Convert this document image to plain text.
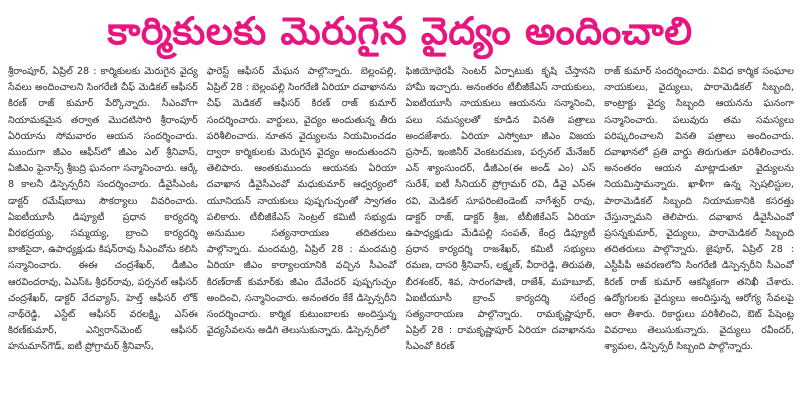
కార్మికులకు మెరుగైన వైద్యం అందించాలి

శ్రీరాంపూర్, ఏప్రిల్ 28 : కార్మికులకు మెరుగైన వైద్య సేవలు అందించాలని సింగరేణి చీఫ్ మెడికల్ ఆఫీసర్ కిరణ్ రాజ్ కుమార్ పేర్కొన్నారు. సీఎంవోగా నియామకమైన తర్వాత మొదటిసారి శ్రీరాంపూర్ ఏరియాను సోమవారం ఆయన సందర్శించారు. ముందుగా జీఎం ఆఫీస్‌లో జీఎం ఎల్ శ్రీనివాస్, ఏజీఎం ఫైనాన్స్ శ్రీబద్రి ఘనంగా సన్మానించారు. ఆర్కే 8 కాలనీ డిస్పెన్సరీని సందర్శించారు. డీవైసీఎంఓ డాక్టర్ రమేష్‌బాబు సౌకర్యాలు వివరించారు. ఏఐటీయూసీ డిప్యూటీ ప్రధాన కార్యదర్శి వీరభద్రయ్య, సమ్మయ్య, బ్రాంచి కార్యదర్శి బాజీసైదా, ఉపాధ్యక్షుడు కిషన్‌రావు సీఎంవోను కలిసి సన్మానించారు. ఈఈ చంద్రశేఖర్, డీజీఎం ఆరవిందరావు, ఏఎస్ఓ శ్రీధర్‌రావు, పర్సనల్ ఆఫీసర్ చంద్రశేఖర్, డాక్టర్ వేదవ్యాస్, హెల్త్ ఆఫీసర్ లోక్ నాథ్‌రెడ్డి, ఎస్టేట్ ఆఫీసర్ వరలక్ష్మి, ఎస్ఈ కిరణ్‌కుమార్, ఎన్విరాన్‌మెంట్ ఆఫీసర్ హనుమాన్‌గౌడ్, ఐటీ ప్రోగ్రామర్ శ్రీనివాస్,

ఫారెస్ట్ ఆఫీసర్ మేఘన పాల్గొన్నారు. బెల్లంపల్లి, ఏప్రిల్ 28 : బెల్లంపల్లి సింగరేణి ఏరియా దవాఖానను చీఫ్ మెడికల్ ఆఫీసర్ కిరణ్ రాజ్ కుమార్ సందర్శించారు. వార్డులు, వైద్యం అందుతున్న తీరు పరిశీలించారు. నూతన వైద్యులను నియమించడం ద్వారా కార్మికులకు మెరుగైన వైద్యం అందుతుందని తెలిపారు. ఆంతకుముందు ఆయనకు ఏరియా దవాఖాన డీవైసీఎంవో మధుకుమార్ ఆధ్వర్యంలో యూనియన్ నాయకులు పుష్పగుచ్ఛంతో స్వాగతం పలికారు. టీబీజీకేఎస్ సెంట్రల్ కమిటీ సభ్యుడు అనుముల సత్యనారాయణ తదితరులు పాల్గొన్నారు. మందమర్రి, ఏప్రిల్ 28 : మందమర్రి ఏరియా జీఎం కార్యాలయానికి వచ్చిన సీఎంవో కిరణ్‌రాజ్ కుమార్‌కు జీఎం దేవేందర్ పుష్పగుచ్ఛం అందించి, సన్మానించారు. అనంతరం కేకే డిస్పెన్సరీని సందర్శించారు. కార్మిక కుటుంబాలకు అందిస్తున్న వైద్యసేవలను అడిగి తెలుసుకున్నారు. డిస్పెన్సరీలో

ఫిజియోథెరపీ సెంటర్ ఏర్పాటుకు కృషి చేస్తానని హామీ ఇచ్చారు. అనంతరం టీబీజీకేఎస్ నాయకులు, ఏఐటీయూసీ నాయకులు ఆయనను సన్మానించి, పలు సమస్యలతో కూడిన వినతి పత్రాలు అందజేశారు. ఏరియా ఎస్వోటూ జీఎం విజయ ప్రసాద్, ఇంజినీర్ వెంకటరమణ, పర్సనల్ మేనేజర్ ఎన్ శ్యాంసుందర్, డీజీఎం(ఈ అండ్ ఎం) ఎస్ సురేశ్, ఐటీ సీనియర్ ప్రోగ్రామర్ రవి, డీవై ఎస్ఈ రవి, మెడికల్ సూపరింటెండెంట్ నాగేశ్వర్ రావు, డాక్టర్ రాజ్, డాక్టర్ శ్రీజ, టీబీజీకేఎస్ ఏరియా ఉపాధ్యక్షుడు మేడిపల్లి సంపత్, కేంద్ర డిప్యూటీ ప్రధాన కార్యదర్శి రాజశేఖర్, కమిటీ సభ్యులు రమణ, దాసరి శ్రీనివాస్, లక్ష్మణ్, వీరారెడ్డి, తిరుపతి, బీరశంకర్, శివ, సారంగపాణి, రాజేశ్, మహబూబ్, ఏఐటీయూసీ బ్రాంచ్ కార్యదర్శి సలేంద్ర సత్యనారాయణ పాల్గొన్నారు. రామకృష్ణాపూర్, ఏప్రిల్ 28 : రామకృష్ణాపూర్ ఏరియా దవాఖానను సీఎంవో కిరణ్

రాజ్ కుమార్ సందర్శించారు. వివిధ కార్మిక సంఘాల నాయకులు, వైద్యులు, పారామెడికల్ సిబ్బంది, కాంట్రాక్టు వైద్య సిబ్బంది ఆయనను ఘనంగా సన్మానించారు. పలువురు తమ సమస్యలు పరిష్కరించాలని వినతి పత్రాలు అందించారు. దవాఖానలో ప్రతి వార్డు తిరుగుతూ పరిశీలించారు. అనంతరం ఆయన మాట్లాడుతూ వైద్యులను నియమిస్తామన్నారు. ఖాళీగా ఉన్న స్పెషలిస్టుల, పారామెడికల్ సిబ్బంది నియామకానికి కసరత్తు చేస్తున్నామని తెలిపారు. దవాఖాన డీవైసీఎంవో ప్రసన్నకుమార్, వైద్యులు, పారామెడికల్ సిబ్బంది తదితరులు పాల్గొన్నారు. జైపూర్, ఏప్రిల్ 28 : ఎస్టీపీపీ ఆవరణలోని సింగరేణి డిస్పెన్సరీని సీఎంవో కిరణ్ రాజ్ కుమార్ ఆకస్మికంగా తనిఖీ చేశారు. ఉద్యోగులకు వైద్యులు అందిస్తున్న ఆరోగ్య సేవలపై ఆరా తీశారు. రికార్డులు పరిశీలించి, ఔట్ పేషెంట్ల వివరాలు తెలుసుకున్నారు. వైద్యులు రవీందర్, శ్యామల, డిస్పెన్సరీ సిబ్బంది పాల్గొన్నారు.
